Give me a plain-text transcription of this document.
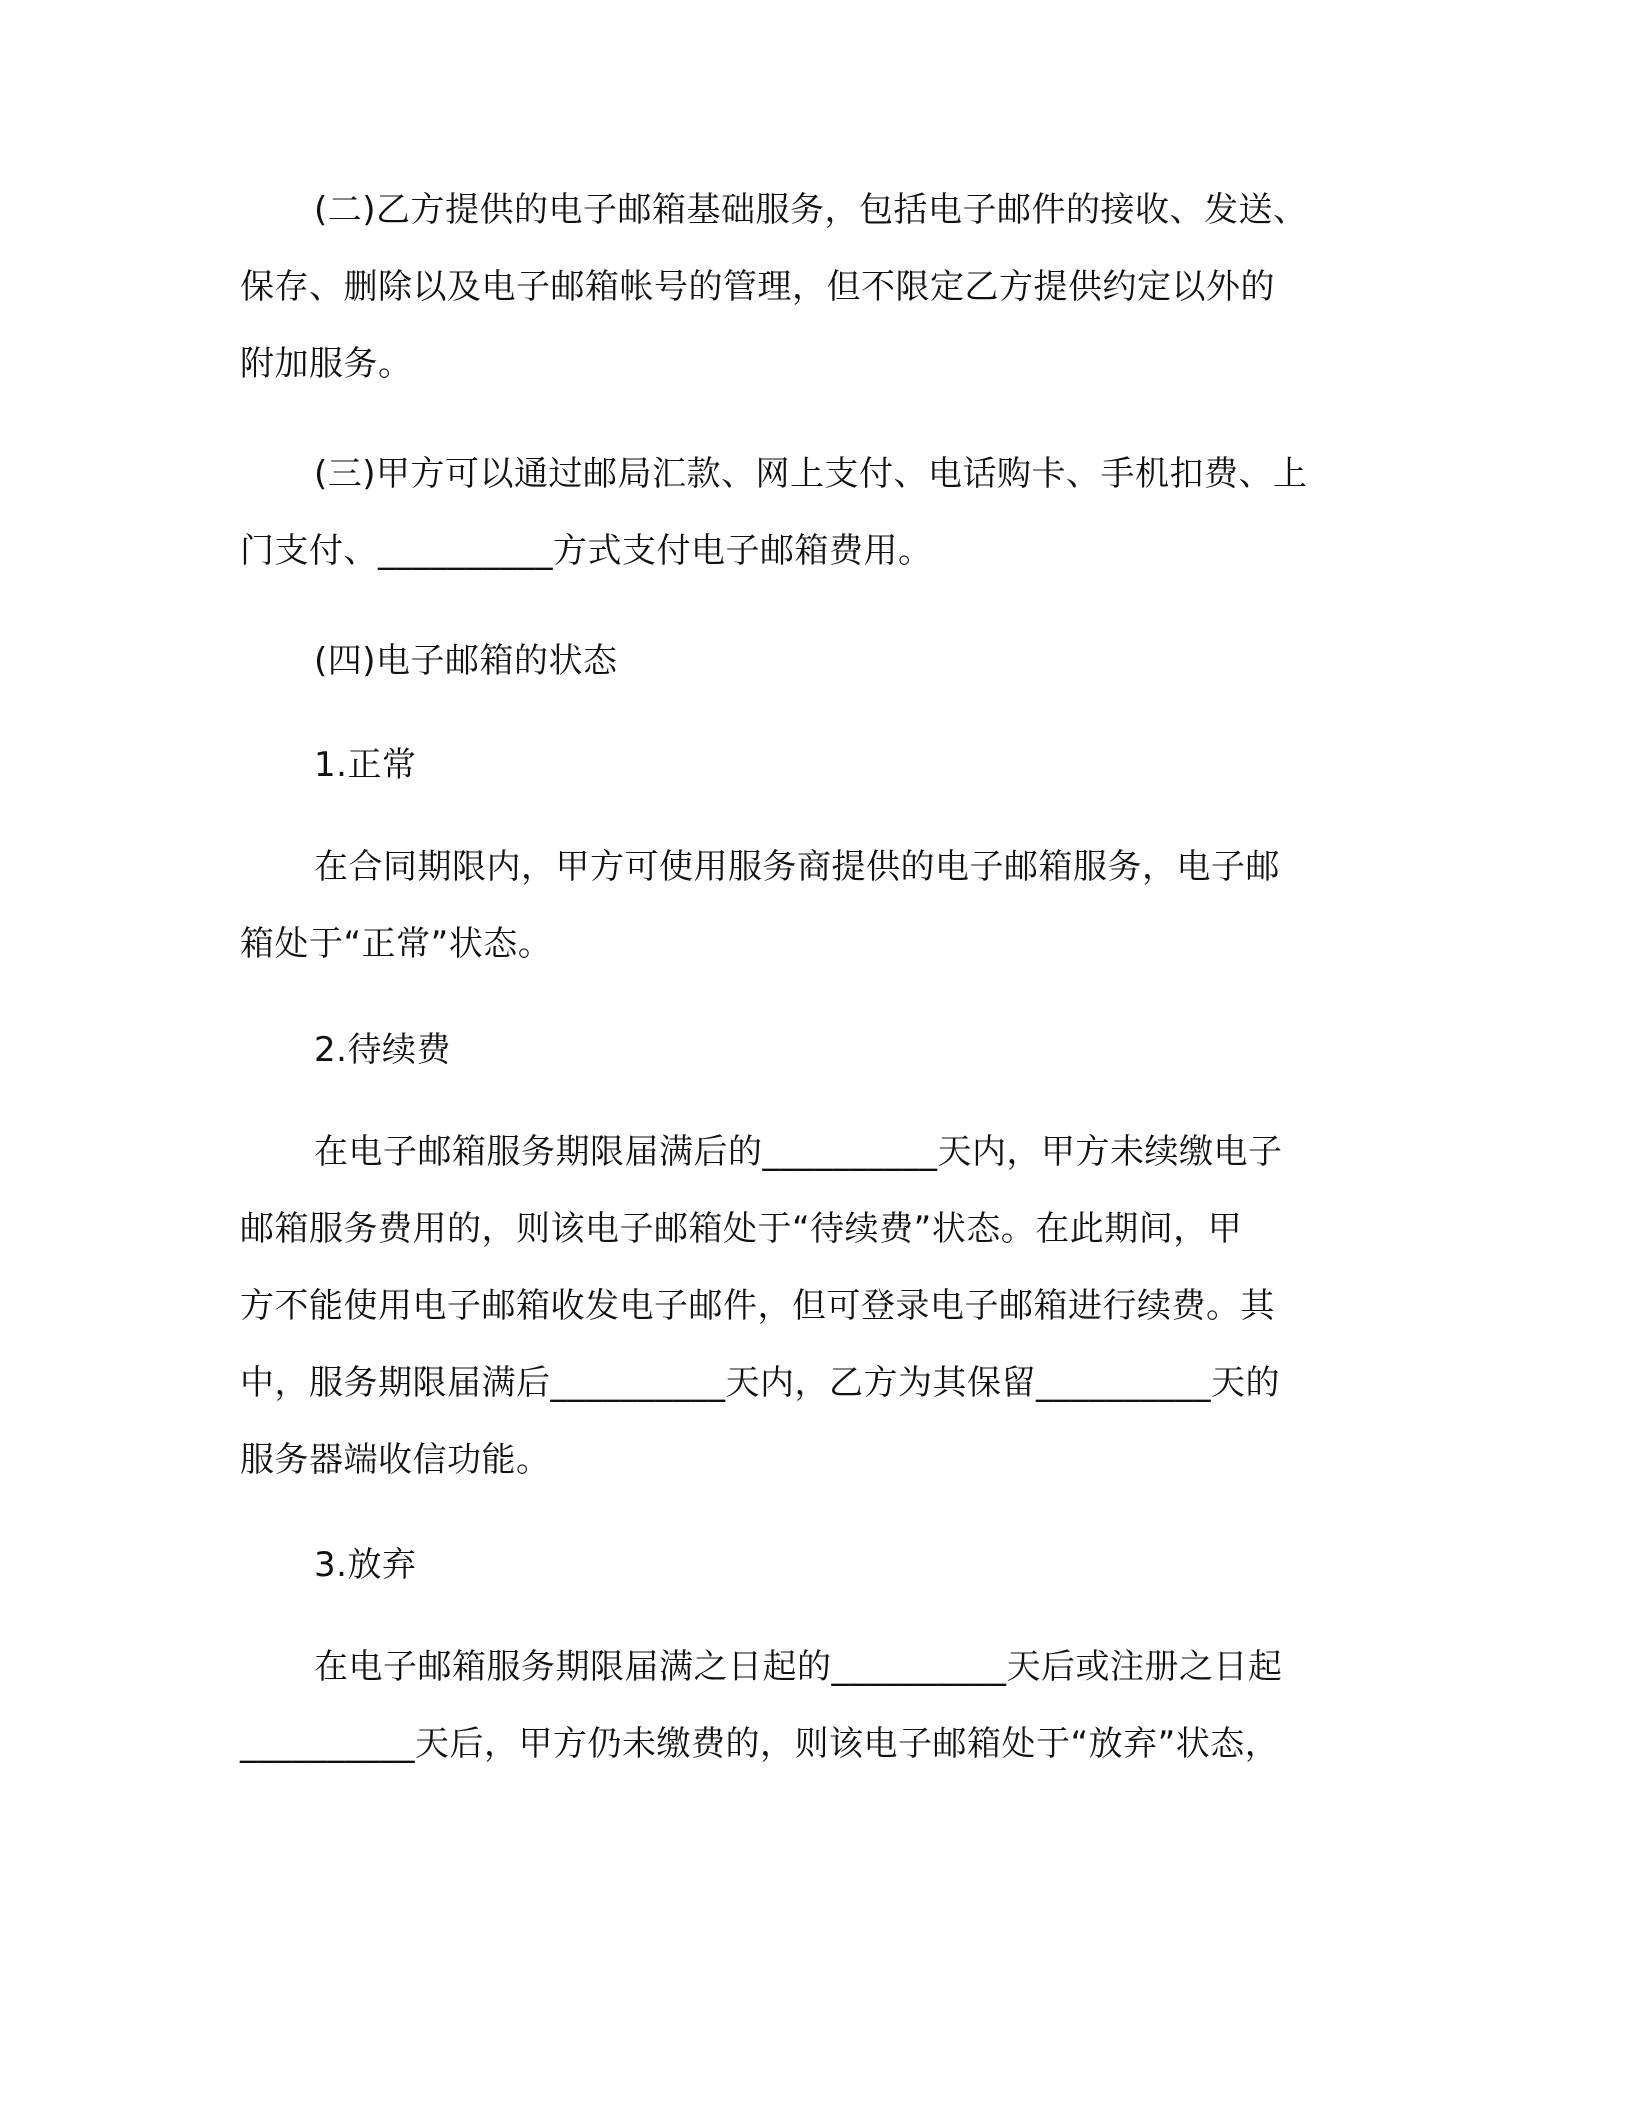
(二)乙方提供的电子邮箱基础服务，包括电子邮件的接收、发送、
保存、删除以及电子邮箱帐号的管理，但不限定乙方提供约定以外的
附加服务。
(三)甲方可以通过邮局汇款、网上支付、电话购卡、手机扣费、上
门支付、__________方式支付电子邮箱费用。
(四)电子邮箱的状态
1.正常
在合同期限内，甲方可使用服务商提供的电子邮箱服务，电子邮
箱处于“正常”状态。
2.待续费
在电子邮箱服务期限届满后的__________天内，甲方未续缴电子
邮箱服务费用的，则该电子邮箱处于“待续费”状态。在此期间，甲
方不能使用电子邮箱收发电子邮件，但可登录电子邮箱进行续费。其
中，服务期限届满后__________天内，乙方为其保留__________天的
服务器端收信功能。
3.放弃
在电子邮箱服务期限届满之日起的__________天后或注册之日起
__________天后，甲方仍未缴费的，则该电子邮箱处于“放弃”状态，
